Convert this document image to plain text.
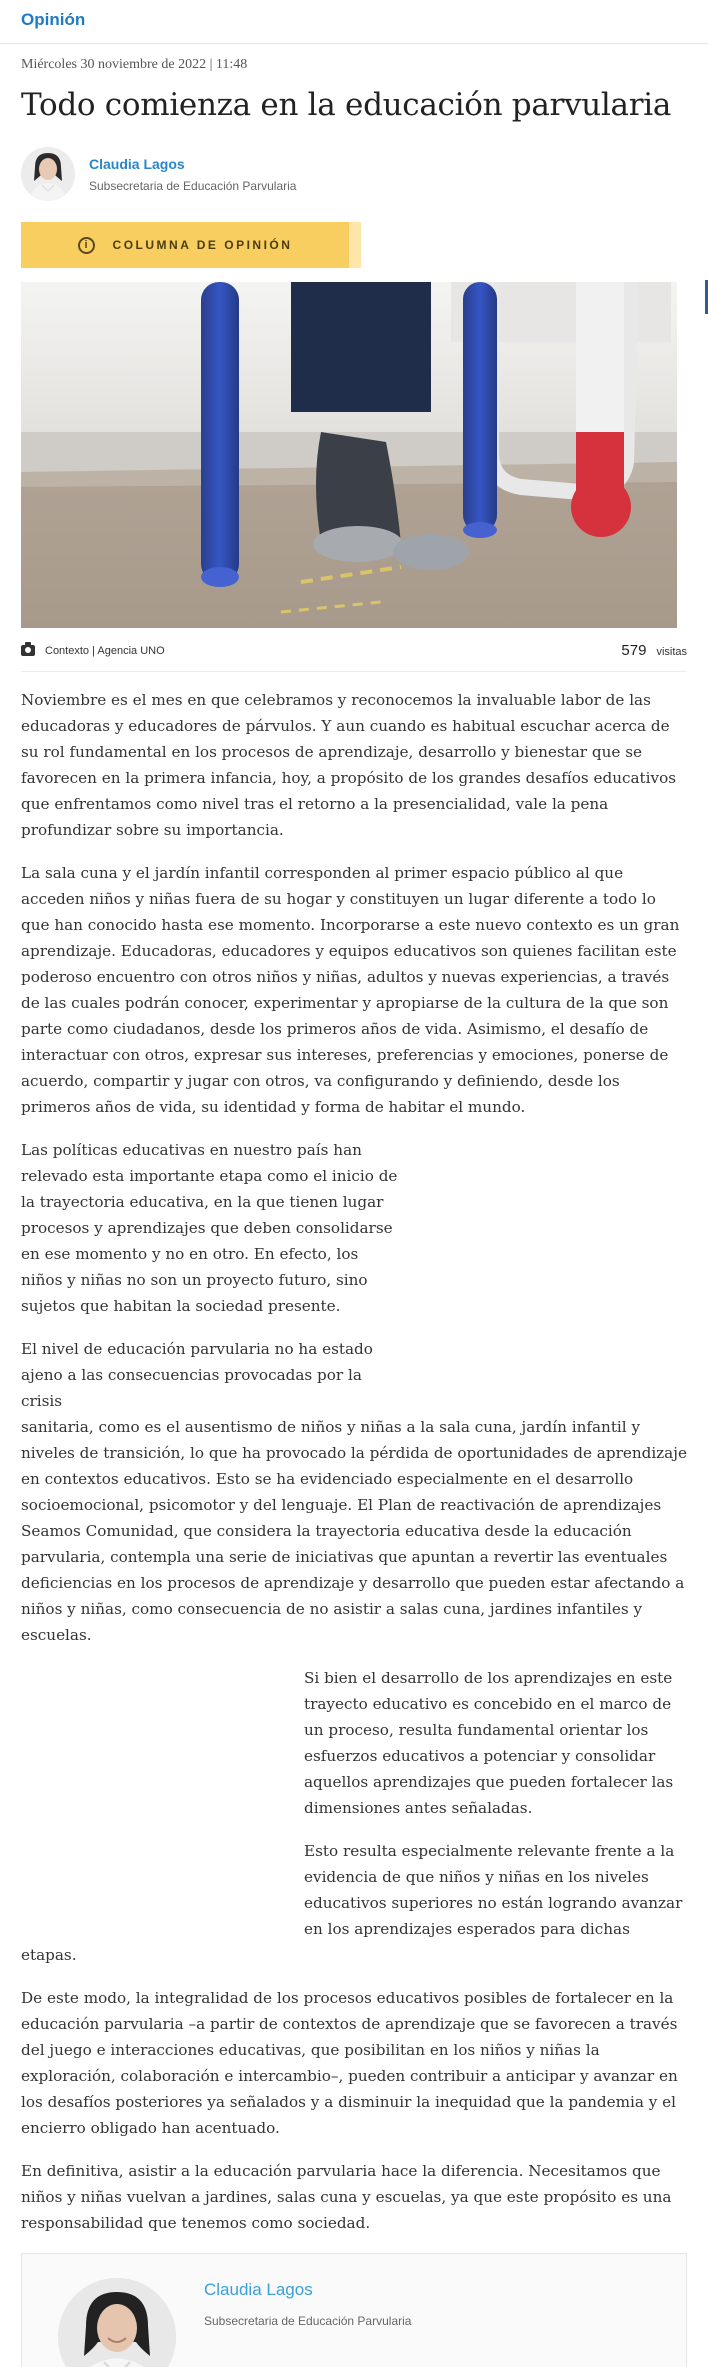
Opinión
Miércoles 30 noviembre de 2022 | 11:48
Todo comienza en la educación parvularia
Claudia Lagos
Subsecretaria de Educación Parvularia
i	COLUMNA DE OPINIÓN
Contexto | Agencia UNO	579 visitas

Noviembre es el mes en que celebramos y reconocemos la invaluable labor de las educadoras y educadores de párvulos. Y aun cuando es habitual escuchar acerca de su rol fundamental en los procesos de aprendizaje, desarrollo y bienestar que se favorecen en la primera infancia, hoy, a propósito de los grandes desafíos educativos que enfrentamos como nivel tras el retorno a la presencialidad, vale la pena profundizar sobre su importancia.

La sala cuna y el jardín infantil corresponden al primer espacio público al que acceden niños y niñas fuera de su hogar y constituyen un lugar diferente a todo lo que han conocido hasta ese momento. Incorporarse a este nuevo contexto es un gran aprendizaje. Educadoras, educadores y equipos educativos son quienes facilitan este poderoso encuentro con otros niños y niñas, adultos y nuevas experiencias, a través de las cuales podrán conocer, experimentar y apropiarse de la cultura de la que son parte como ciudadanos, desde los primeros años de vida. Asimismo, el desafío de interactuar con otros, expresar sus intereses, preferencias y emociones, ponerse de acuerdo, compartir y jugar con otros, va configurando y definiendo, desde los primeros años de vida, su identidad y forma de habitar el mundo.

Las políticas educativas en nuestro país han relevado esta importante etapa como el inicio de la trayectoria educativa, en la que tienen lugar procesos y aprendizajes que deben consolidarse en ese momento y no en otro. En efecto, los niños y niñas no son un proyecto futuro, sino sujetos que habitan la sociedad presente.

El nivel de educación parvularia no ha estado ajeno a las consecuencias provocadas por la crisis

sanitaria, como es el ausentismo de niños y niñas a la sala cuna, jardín infantil y niveles de transición, lo que ha provocado la pérdida de oportunidades de aprendizaje en contextos educativos. Esto se ha evidenciado especialmente en el desarrollo socioemocional, psicomotor y del lenguaje. El Plan de reactivación de aprendizajes Seamos Comunidad, que considera la trayectoria educativa desde la educación parvularia, contempla una serie de iniciativas que apuntan a revertir las eventuales deficiencias en los procesos de aprendizaje y desarrollo que pueden estar afectando a niños y niñas, como consecuencia de no asistir a salas cuna, jardines infantiles y escuelas.

Si bien el desarrollo de los aprendizajes en este trayecto educativo es concebido en el marco de un proceso, resulta fundamental orientar los esfuerzos educativos a potenciar y consolidar aquellos aprendizajes que pueden fortalecer las dimensiones antes señaladas.

Esto resulta especialmente relevante frente a la evidencia de que niños y niñas en los niveles educativos superiores no están logrando avanzar en los aprendizajes esperados para dichas etapas.

De este modo, la integralidad de los procesos educativos posibles de fortalecer en la educación parvularia –a partir de contextos de aprendizaje que se favorecen a través del juego e interacciones educativas, que posibilitan en los niños y niñas la exploración, colaboración e intercambio–, pueden contribuir a anticipar y avanzar en los desafíos posteriores ya señalados y a disminuir la inequidad que la pandemia y el encierro obligado han acentuado.

En definitiva, asistir a la educación parvularia hace la diferencia. Necesitamos que niños y niñas vuelvan a jardines, salas cuna y escuelas, ya que este propósito es una responsabilidad que tenemos como sociedad.

Claudia Lagos
Subsecretaria de Educación Parvularia
